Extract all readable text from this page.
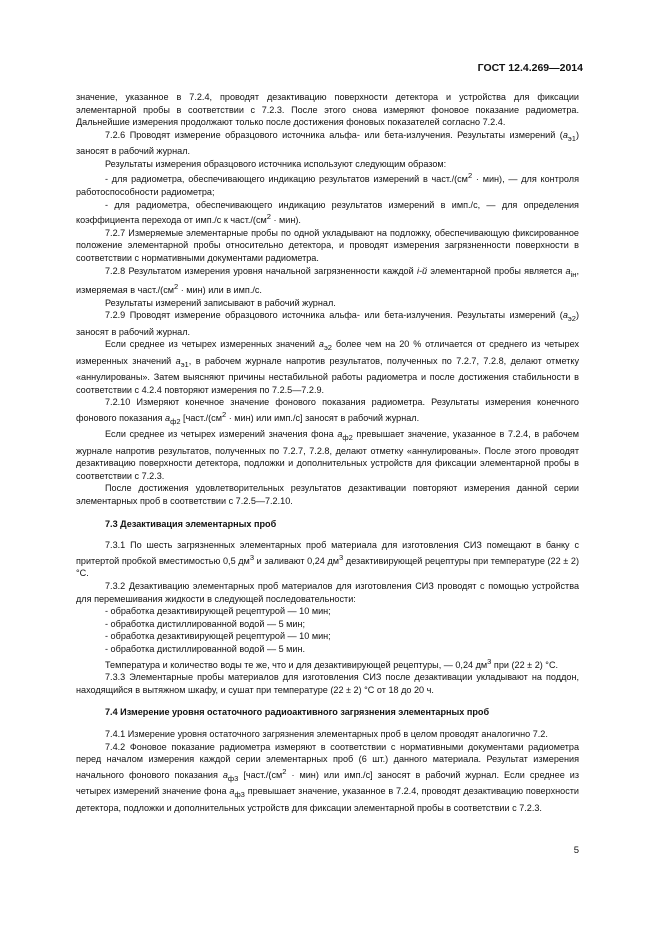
ГОСТ 12.4.269—2014

значение, указанное в 7.2.4, проводят дезактивацию поверхности детектора и устройства для фиксации элементарной пробы в соответствии с 7.2.3. После этого снова измеряют фоновое показание радиометра. Дальнейшие измерения продолжают только после достижения фоновых показателей согласно 7.2.4.

7.2.6 Проводят измерение образцового источника альфа- или бета-излучения. Результаты измерений $(a_{э1})$ заносят в рабочий журнал.

Результаты измерения образцового источника используют следующим образом:

- для радиометра, обеспечивающего индикацию результатов измерений в $част./(см^2 \cdot мин)$, — для контроля работоспособности радиометра;

- для радиометра, обеспечивающего индикацию результатов измерений в имп./с, — для определения коэффициента перехода от имп./с к $част./(см^2 \cdot мин)$.

7.2.7 Измеряемые элементарные пробы по одной укладывают на подложку, обеспечивающую фиксированное положение элементарной пробы относительно детектора, и проводят измерения загрязненности поверхности в соответствии с нормативными документами радиометра.

7.2.8 Результатом измерения уровня начальной загрязненности каждой i-й элементарной пробы является $a_{iн}$, измеряемая в $част./(см^2 \cdot мин)$ или в имп./с.

Результаты измерений записывают в рабочий журнал.

7.2.9 Проводят измерение образцового источника альфа- или бета-излучения. Результаты измерений $(a_{э2})$ заносят в рабочий журнал.

Если среднее из четырех измеренных значений $a_{э2}$ более чем на 20 % отличается от среднего из четырех измеренных значений $a_{э1}$, в рабочем журнале напротив результатов, полученных по 7.2.7, 7.2.8, делают отметку «аннулированы». Затем выясняют причины нестабильной работы радиометра и после достижения стабильности в соответствии с 4.2.4 повторяют измерения по 7.2.5—7.2.9.

7.2.10 Измеряют конечное значение фонового показания радиометра. Результаты измерения конечного фонового показания $a_{ф2}$ [$част./(см^2 \cdot мин)$ или имп./с] заносят в рабочий журнал.

Если среднее из четырех измерений значения фона $a_{ф2}$ превышает значение, указанное в 7.2.4, в рабочем журнале напротив результатов, полученных по 7.2.7, 7.2.8, делают отметку «аннулированы». После этого проводят дезактивацию поверхности детектора, подложки и дополнительных устройств для фиксации элементарной пробы в соответствии с 7.2.3.

После достижения удовлетворительных результатов дезактивации повторяют измерения данной серии элементарных проб в соответствии с 7.2.5—7.2.10.

7.3 Дезактивация элементарных проб

7.3.1 По шесть загрязненных элементарных проб материала для изготовления СИЗ помещают в банку с притертой пробкой вместимостью 0,5 $дм^3$ и заливают 0,24 $дм^3$ дезактивирующей рецептуры при температуре (22 ± 2) °С.

7.3.2 Дезактивацию элементарных проб материалов для изготовления СИЗ проводят с помощью устройства для перемешивания жидкости в следующей последовательности:

- обработка дезактивирующей рецептурой — 10 мин;

- обработка дистиллированной водой — 5 мин;

- обработка дезактивирующей рецептурой — 10 мин;

- обработка дистиллированной водой — 5 мин.

Температура и количество воды те же, что и для дезактивирующей рецептуры, — 0,24 $дм^3$ при (22 ± 2) °С.

7.3.3 Элементарные пробы материалов для изготовления СИЗ после дезактивации укладывают на поддон, находящийся в вытяжном шкафу, и сушат при температуре (22 ± 2) °С от 18 до 20 ч.

7.4 Измерение уровня остаточного радиоактивного загрязнения элементарных проб

7.4.1 Измерение уровня остаточного загрязнения элементарных проб в целом проводят аналогично 7.2.

7.4.2 Фоновое показание радиометра измеряют в соответствии с нормативными документами радиометра перед началом измерения каждой серии элементарных проб (6 шт.) данного материала. Результат измерения начального фонового показания $a_{ф3}$ [$част./(см^2 \cdot мин)$ или имп./с] заносят в рабочий журнал. Если среднее из четырех измерений значение фона $a_{ф3}$ превышает значение, указанное в 7.2.4, проводят дезактивацию поверхности детектора, подложки и дополнительных устройств для фиксации элементарной пробы в соответствии с 7.2.3.

5
